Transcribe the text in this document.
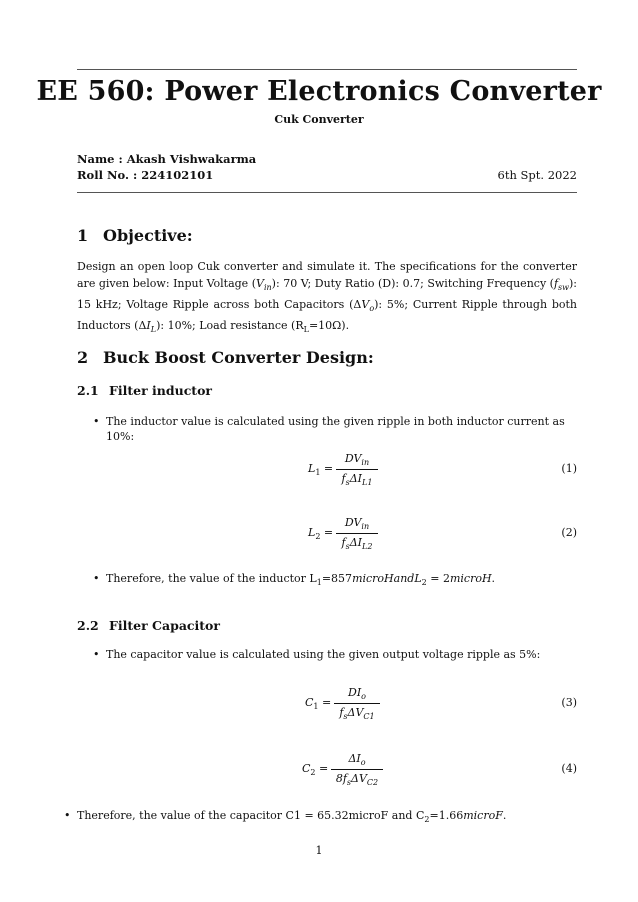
EE 560: Power Electronics Converter
Cuk Converter
Name : Akash Vishwakarma
Roll No. : 224102101	6th Spt. 2022
1 Objective:
Design an open loop Cuk converter and simulate it. The specifications for the converter are given below: Input Voltage $(V_{in})$: 70 V; Duty Ratio (D): 0.7; Switching Frequency $(f_{sw})$: 15 kHz; Voltage Ripple across both Capacitors $(\Delta V_o)$: 5%; Current Ripple through both Inductors $(\Delta I_L)$: 10%; Load resistance $(R_L=10\Omega)$.
2 Buck Boost Converter Design:
2.1 Filter inductor
• The inductor value is calculated using the given ripple in both inductor current as 10%:
$L_1$ =
$DV_{in}$
$f_s\Delta I_{L1}$
(1)
$L_2$ =
$DV_{in}$
$f_s\Delta I_{L2}$
(2)
• Therefore, the value of the inductor $L_1=857microHandL_2$ = 2microH.
2.2 Filter Capacitor
• The capacitor value is calculated using the given output voltage ripple as 5%:
$C_1$ =
$DI_o$
$f_s\Delta V_{C1}$
(3)
$C_2$ =
$\Delta I_o$
$8f_s\Delta V_{C2}$
(4)
• Therefore, the value of the capacitor C1 = 65.32microF and $C_2=1.66microF$.
1
